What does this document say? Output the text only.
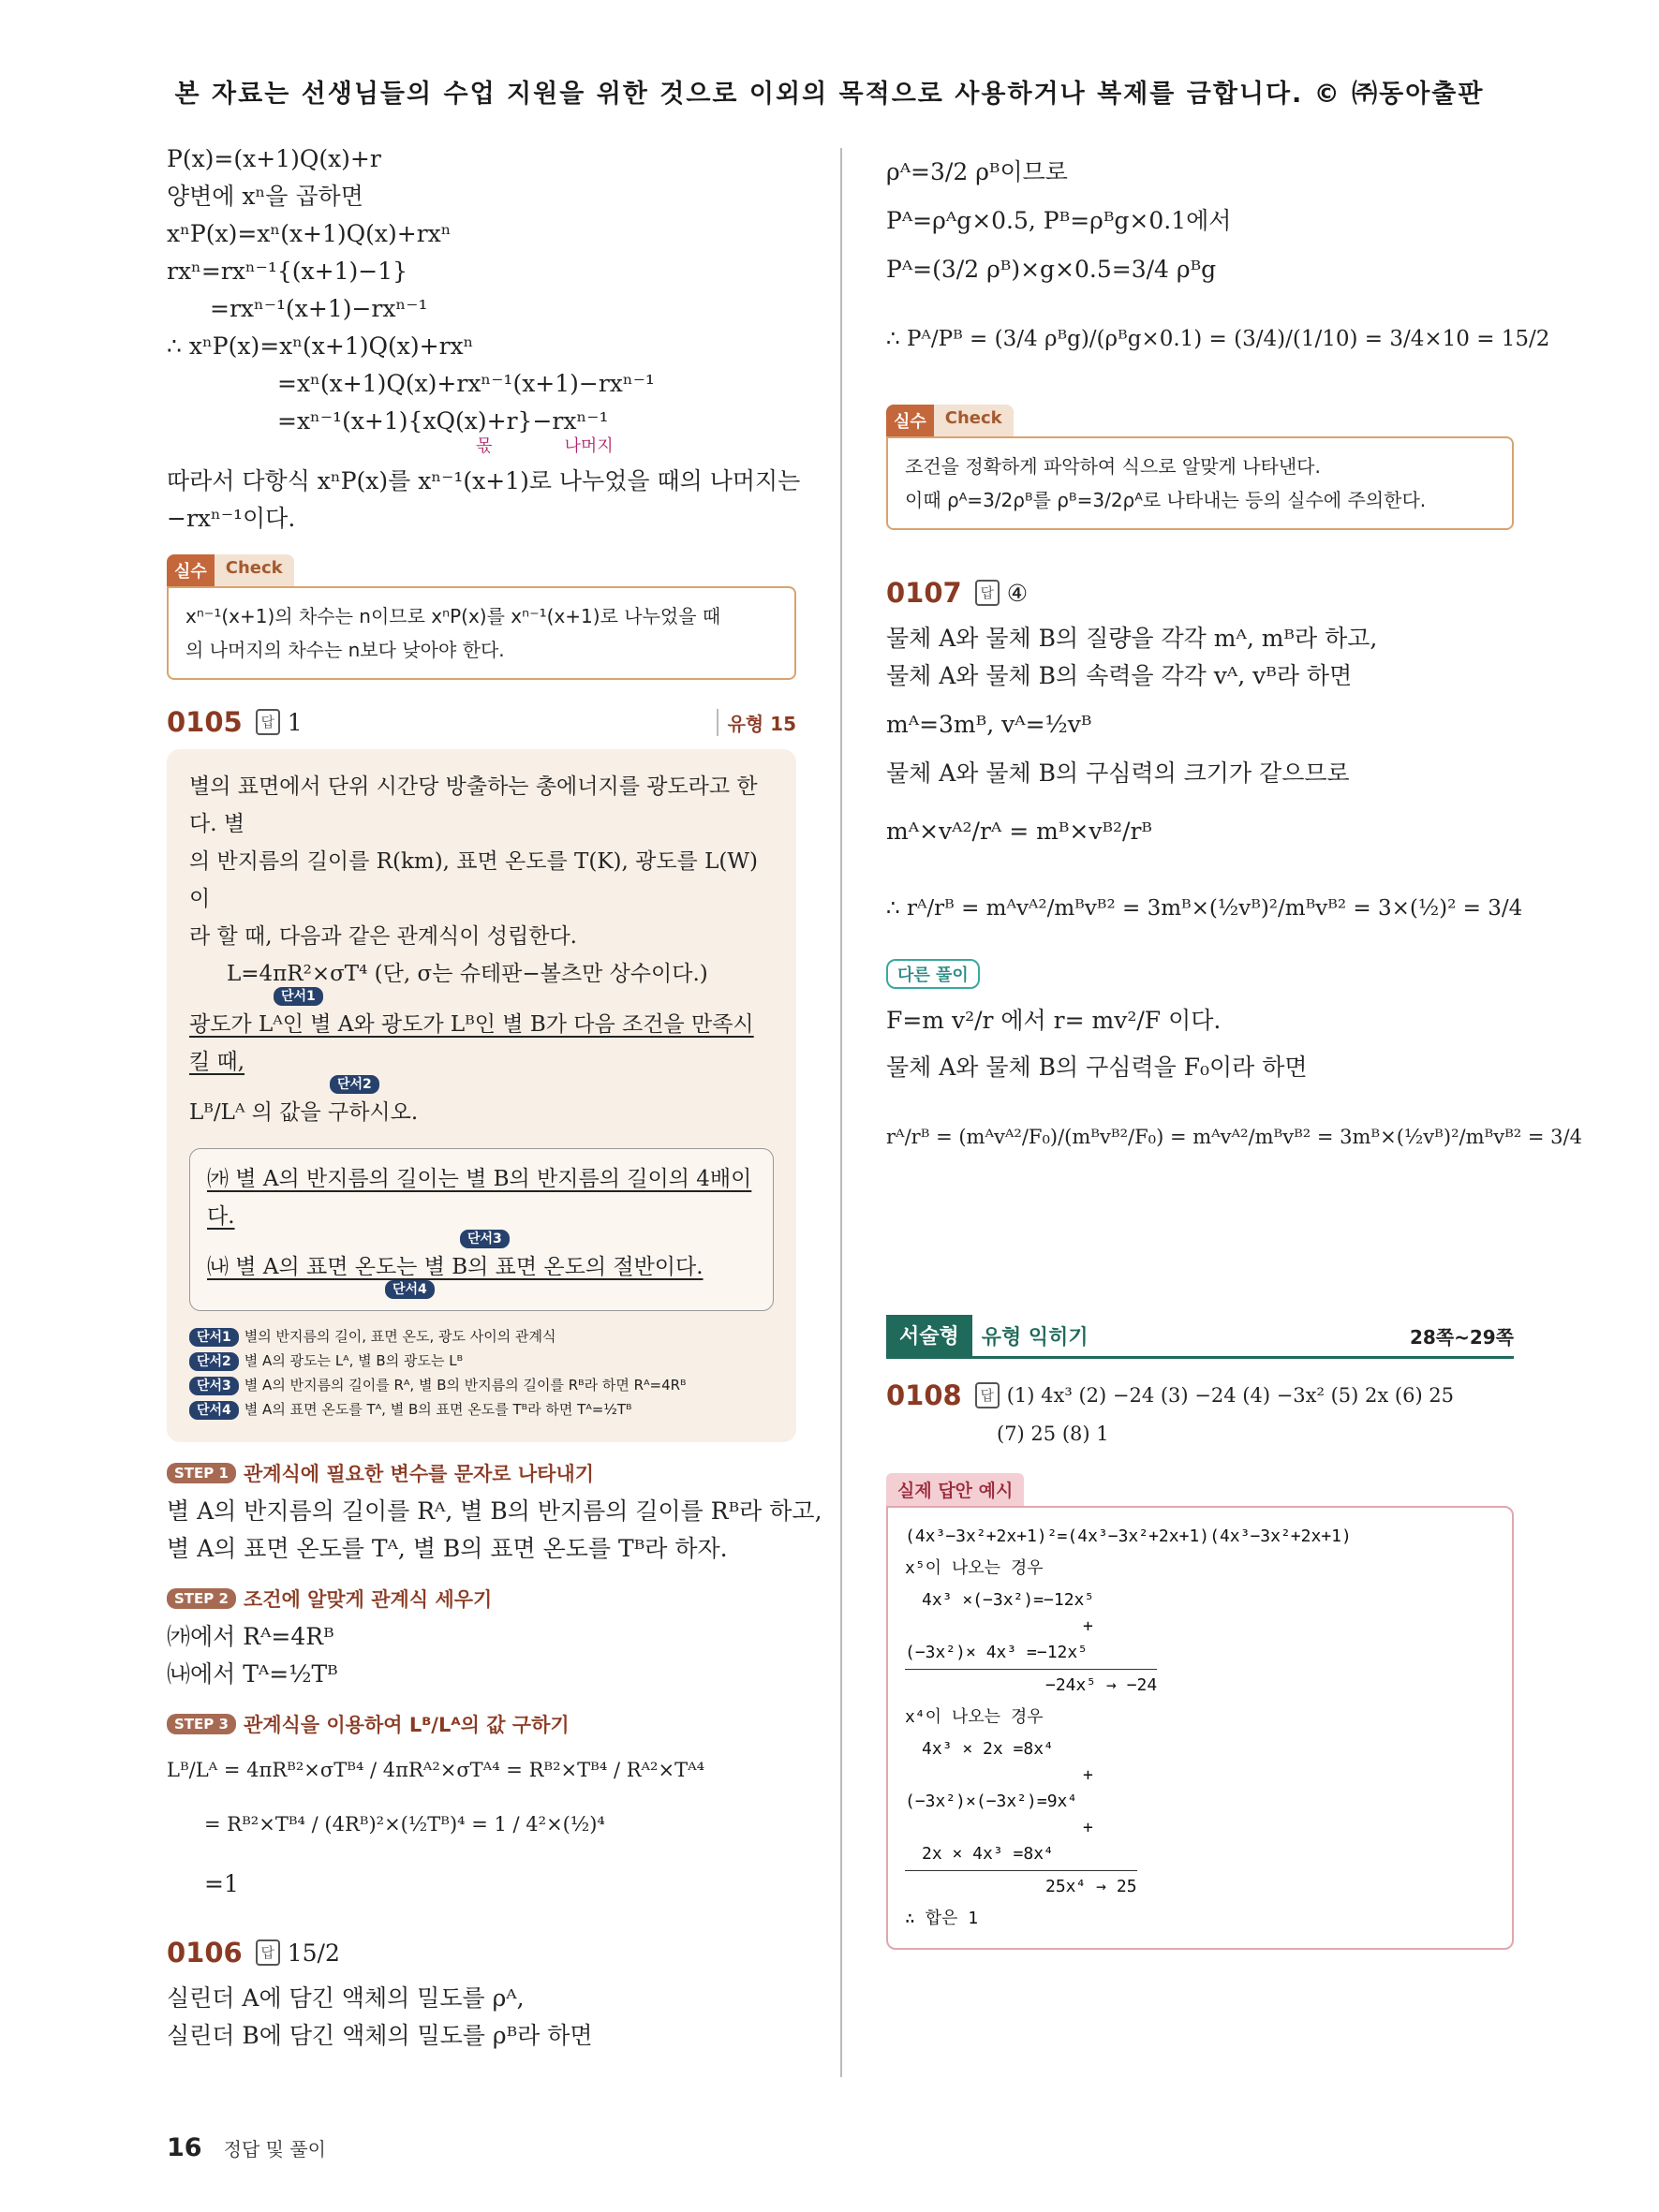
본 자료는 선생님들의 수업 지원을 위한 것으로 이외의 목적으로 사용하거나 복제를 금합니다. © ㈜동아출판
P(x)=(x+1)Q(x)+r
양변에 xⁿ을 곱하면
xⁿP(x)=xⁿ(x+1)Q(x)+rxⁿ
rxⁿ=rxⁿ⁻¹{(x+1)−1}
=rxⁿ⁻¹(x+1)−rxⁿ⁻¹
∴ xⁿP(x)=xⁿ(x+1)Q(x)+rxⁿ
=xⁿ(x+1)Q(x)+rxⁿ⁻¹(x+1)−rxⁿ⁻¹
=xⁿ⁻¹(x+1){xQ(x)+r}−rxⁿ⁻¹
몫	나머지
따라서 다항식 xⁿP(x)를 xⁿ⁻¹(x+1)로 나누었을 때의 나머지는
−rxⁿ⁻¹이다.
실수	Check
xⁿ⁻¹(x+1)의 차수는 n이므로 xⁿP(x)를 xⁿ⁻¹(x+1)로 나누었을 때
의 나머지의 차수는 n보다 낮아야 한다.
0105	답 1	유형 15
별의 표면에서 단위 시간당 방출하는 총에너지를 광도라고 한다. 별
의 반지름의 길이를 R(km), 표면 온도를 T(K), 광도를 L(W)이
라 할 때, 다음과 같은 관계식이 성립한다.
L=4πR²×σT⁴ (단, σ는 슈테판−볼츠만 상수이다.)
단서1
광도가 Lᴬ인 별 A와 광도가 Lᴮ인 별 B가 다음 조건을 만족시킬 때,
단서2
Lᴮ/Lᴬ 의 값을 구하시오.
㈎ 별 A의 반지름의 길이는 별 B의 반지름의 길이의 4배이다.
단서3
㈏ 별 A의 표면 온도는 별 B의 표면 온도의 절반이다.
단서4
단서1 별의 반지름의 길이, 표면 온도, 광도 사이의 관계식
단서2 별 A의 광도는 Lᴬ, 별 B의 광도는 Lᴮ
단서3 별 A의 반지름의 길이를 Rᴬ, 별 B의 반지름의 길이를 Rᴮ라 하면 Rᴬ=4Rᴮ
단서4 별 A의 표면 온도를 Tᴬ, 별 B의 표면 온도를 Tᴮ라 하면 Tᴬ=½Tᴮ
STEP 1 관계식에 필요한 변수를 문자로 나타내기
별 A의 반지름의 길이를 Rᴬ, 별 B의 반지름의 길이를 Rᴮ라 하고,
별 A의 표면 온도를 Tᴬ, 별 B의 표면 온도를 Tᴮ라 하자.
STEP 2 조건에 알맞게 관계식 세우기
㈎에서 Rᴬ=4Rᴮ
㈏에서 Tᴬ=½Tᴮ
STEP 3 관계식을 이용하여 Lᴮ/Lᴬ의 값 구하기
Lᴮ/Lᴬ = 4πRᴮ²×σTᴮ⁴ / 4πRᴬ²×σTᴬ⁴ = Rᴮ²×Tᴮ⁴ / Rᴬ²×Tᴬ⁴
= Rᴮ²×Tᴮ⁴ / (4Rᴮ)²×(½Tᴮ)⁴ = 1 / 4²×(½)⁴
=1
0106	답 15/2
실린더 A에 담긴 액체의 밀도를 ρᴬ,
실린더 B에 담긴 액체의 밀도를 ρᴮ라 하면
ρᴬ=3/2 ρᴮ이므로
Pᴬ=ρᴬg×0.5, Pᴮ=ρᴮg×0.1에서
Pᴬ=(3/2 ρᴮ)×g×0.5=3/4 ρᴮg
∴ Pᴬ/Pᴮ = (3/4 ρᴮg)/(ρᴮg×0.1) = (3/4)/(1/10) = 3/4×10 = 15/2
실수	Check
조건을 정확하게 파악하여 식으로 알맞게 나타낸다.
이때 ρᴬ=3/2ρᴮ를 ρᴮ=3/2ρᴬ로 나타내는 등의 실수에 주의한다.
0107	답 ④
물체 A와 물체 B의 질량을 각각 mᴬ, mᴮ라 하고,
물체 A와 물체 B의 속력을 각각 vᴬ, vᴮ라 하면
mᴬ=3mᴮ, vᴬ=½vᴮ
물체 A와 물체 B의 구심력의 크기가 같으므로
mᴬ×vᴬ²/rᴬ = mᴮ×vᴮ²/rᴮ
∴ rᴬ/rᴮ = mᴬvᴬ²/mᴮvᴮ² = 3mᴮ×(½vᴮ)²/mᴮvᴮ² = 3×(½)² = 3/4
다른 풀이
F=m v²/r 에서 r= mv²/F 이다.
물체 A와 물체 B의 구심력을 F₀이라 하면
rᴬ/rᴮ = (mᴬvᴬ²/F₀)/(mᴮvᴮ²/F₀) = mᴬvᴬ²/mᴮvᴮ² = 3mᴮ×(½vᴮ)²/mᴮvᴮ² = 3/4
서술형	유형 익히기	28쪽~29쪽
0108	답 (1) 4x³ (2) −24 (3) −24 (4) −3x² (5) 2x (6) 25
(7) 25 (8) 1
실제 답안 예시
(4x³−3x²+2x+1)²=(4x³−3x²+2x+1)(4x³−3x²+2x+1)
x⁵이 나오는 경우
4x³ ×(−3x²)=−12x⁵
+
(−3x²)× 4x³ =−12x⁵
−24x⁵ → −24
x⁴이 나오는 경우
4x³ × 2x =8x⁴
+
(−3x²)×(−3x²)=9x⁴
+
2x × 4x³ =8x⁴
25x⁴ → 25
∴ 합은 1
16 정답 및 풀이
